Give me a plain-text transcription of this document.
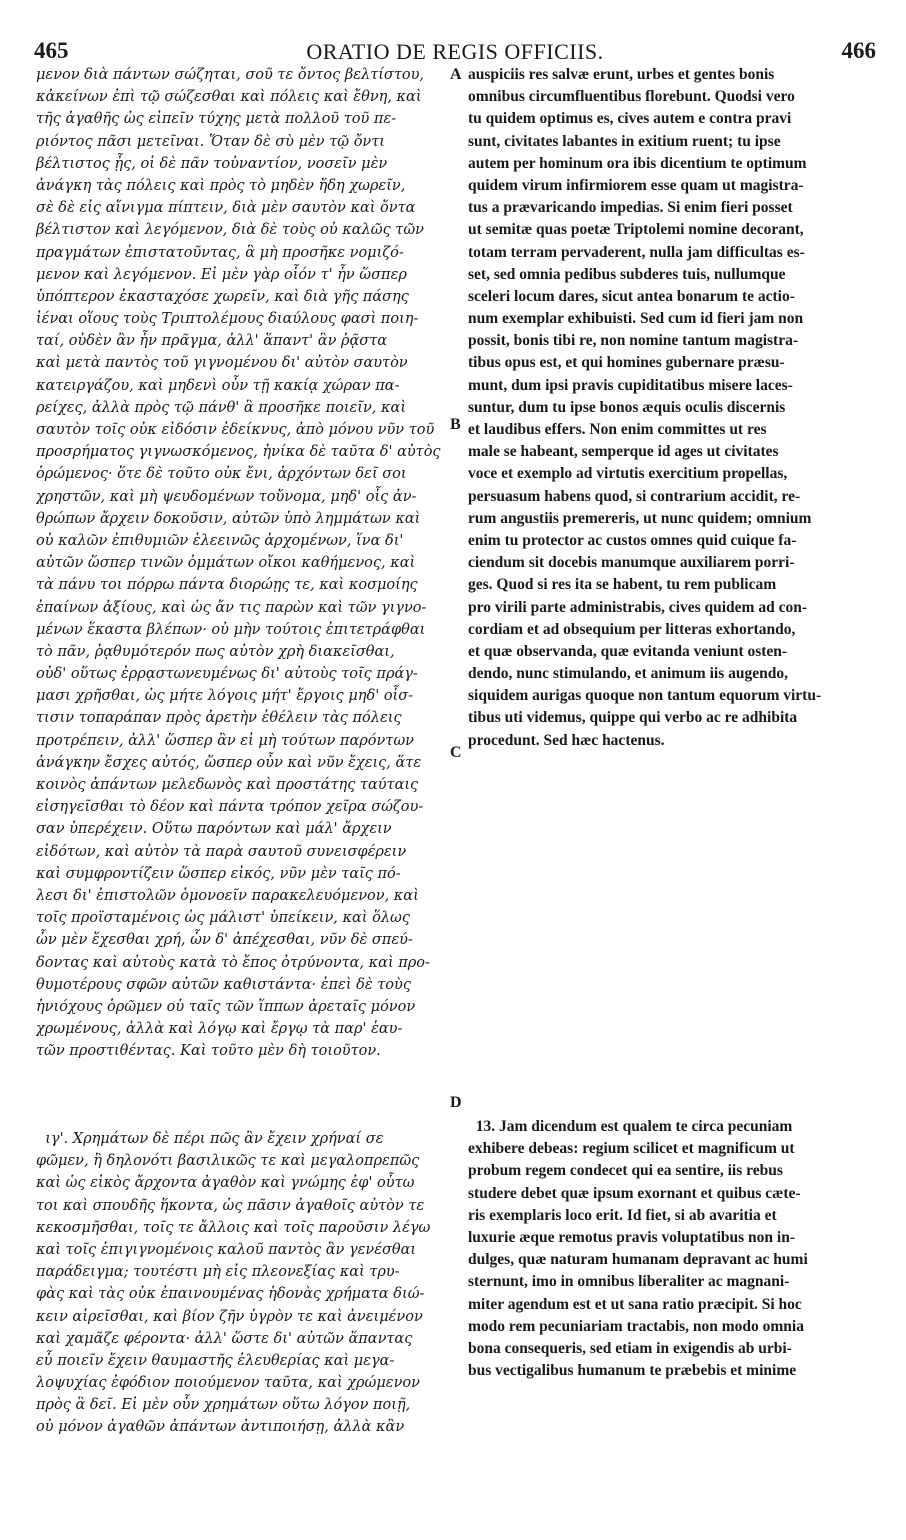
465	ORATIO DE REGIS OFFICIIS.	466
μενον διὰ πάντων σώζηται, σοῦ τε ὄντος βελτίστου,
κἀκείνων ἐπὶ τῷ σώζεσθαι καὶ πόλεις καὶ ἔθνη, καὶ
τῆς ἀγαθῆς ὡς εἰπεῖν τύχης μετὰ πολλοῦ τοῦ πε-
ριόντος πᾶσι μετεῖναι. Ὅταν δὲ σὺ μὲν τῷ ὄντι
βέλτιστος ᾖς, οἱ δὲ πᾶν τοὐναντίον, νοσεῖν μὲν
ἀνάγκη τὰς πόλεις καὶ πρὸς τὸ μηδὲν ἤδη χωρεῖν,
σὲ δὲ εἰς αἴνιγμα πίπτειν, διὰ μὲν σαυτὸν καὶ ὄντα
βέλτιστον καὶ λεγόμενον, διὰ δὲ τοὺς οὐ καλῶς τῶν
πραγμάτων ἐπιστατοῦντας, ἃ μὴ προσῆκε νομιζό-
μενον καὶ λεγόμενον. Εἰ μὲν γὰρ οἷόν τ' ἦν ὥσπερ
ὑπόπτερον ἑκασταχόσε χωρεῖν, καὶ διὰ γῆς πάσης
ἰέναι οἵους τοὺς Τριπτολέμους διαύλους φασὶ ποιη-
ταί, οὐδὲν ἂν ἦν πρᾶγμα, ἀλλ' ἅπαντ' ἂν ῥᾷστα
καὶ μετὰ παντὸς τοῦ γιγνομένου δι' αὐτὸν σαυτὸν
κατειργάζου, καὶ μηδενὶ οὖν τῇ κακίᾳ χώραν πα-
ρείχες, ἀλλὰ πρὸς τῷ πάνθ' ἃ προσῆκε ποιεῖν, καὶ
σαυτὸν τοῖς οὐκ εἰδόσιν ἐδείκνυς, ἀπὸ μόνου νῦν τοῦ
προσρήματος γιγνωσκόμενος, ἡνίκα δὲ ταῦτα δ' αὐτὸς
ὁρώμενος· ὅτε δὲ τοῦτο οὐκ ἔνι, ἀρχόντων δεῖ σοι
χρηστῶν, καὶ μὴ ψευδομένων τοὔνομα, μηδ' οἷς ἀν-
θρώπων ἄρχειν δοκοῦσιν, αὐτῶν ὑπὸ λημμάτων καὶ
οὐ καλῶν ἐπιθυμιῶν ἑλεεινῶς ἀρχομένων, ἵνα δι'
αὐτῶν ὥσπερ τινῶν ὀμμάτων οἴκοι καθήμενος, καὶ
τὰ πάνυ τοι πόρρω πάντα διορώῃς τε, καὶ κοσμοίης
ἐπαίνων ἀξίους, καὶ ὡς ἄν τις παρὼν καὶ τῶν γιγνο-
μένων ἕκαστα βλέπων· οὐ μὴν τούτοις ἐπιτετράφθαι
τὸ πᾶν, ῥᾳθυμότερόν πως αὐτὸν χρὴ διακεῖσθαι,
οὐδ' οὕτως ἐρρᾳστωνευμένως δι' αὐτοὺς τοῖς πράγ-
μασι χρῆσθαι, ὡς μήτε λόγοις μήτ' ἔργοις μηδ' οἷσ-
τισιν τοπαράπαν πρὸς ἀρετὴν ἐθέλειν τὰς πόλεις
προτρέπειν, ἀλλ' ὥσπερ ἂν εἰ μὴ τούτων παρόντων
ἀνάγκην ἔσχες αὐτός, ὥσπερ οὖν καὶ νῦν ἔχεις, ἅτε
κοινὸς ἁπάντων μελεδωνὸς καὶ προστάτης ταύταις
εἰσηγεῖσθαι τὸ δέον καὶ πάντα τρόπον χεῖρα σώζου-
σαν ὑπερέχειν. Οὕτω παρόντων καὶ μάλ' ἄρχειν
εἰδότων, καὶ αὐτὸν τὰ παρὰ σαυτοῦ συνεισφέρειν
καὶ συμφροντίζειν ὥσπερ εἰκός, νῦν μὲν ταῖς πό-
λεσι δι' ἐπιστολῶν ὁμονοεῖν παρακελευόμενον, καὶ
τοῖς προϊσταμένοις ὡς μάλιστ' ὑπείκειν, καὶ ὅλως
ὧν μὲν ἔχεσθαι χρή, ὧν δ' ἀπέχεσθαι, νῦν δὲ σπεύ-
δοντας καὶ αὐτοὺς κατὰ τὸ ἔπος ὀτρύνοντα, καὶ προ-
θυμοτέρους σφῶν αὐτῶν καθιστάντα· ἐπεὶ δὲ τοὺς
ἡνιόχους ὁρῶμεν οὐ ταῖς τῶν ἵππων ἀρεταῖς μόνον
χρωμένους, ἀλλὰ καὶ λόγῳ καὶ ἔργῳ τὰ παρ' ἑαυ-
τῶν προστιθέντας. Καὶ τοῦτο μὲν δὴ τοιοῦτον.
ιγ'. Χρημάτων δὲ πέρι πῶς ἂν ἔχειν χρήναί σε
φῶμεν, ἢ δηλονότι βασιλικῶς τε καὶ μεγαλοπρεπῶς
καὶ ὡς εἰκὸς ἄρχοντα ἀγαθὸν καὶ γνώμης ἐφ' οὗτω
τοι καὶ σπουδῆς ἥκοντα, ὡς πᾶσιν ἀγαθοῖς αὐτὸν τε
κεκοσμῆσθαι, τοῖς τε ἄλλοις καὶ τοῖς παροῦσιν λέγω
καὶ τοῖς ἐπιγιγνομένοις καλοῦ παντὸς ἂν γενέσθαι
παράδειγμα; τουτέστι μὴ εἰς πλεονεξίας καὶ τρυ-
φὰς καὶ τὰς οὐκ ἐπαινουμένας ἡδονὰς χρήματα διώ-
κειν αἱρεῖσθαι, καὶ βίον ζῆν ὑγρὸν τε καὶ ἀνειμένον
καὶ χαμᾶζε φέροντα· ἀλλ' ὥστε δι' αὐτῶν ἅπαντας
εὖ ποιεῖν ἔχειν θαυμαστῆς ἐλευθερίας καὶ μεγα-
λοψυχίας ἐφόδιον ποιούμενον ταῦτα, καὶ χρώμενον
πρὸς ἃ δεῖ. Εἰ μὲν οὖν χρημάτων οὕτω λόγον ποιῇ,
οὐ μόνον ἀγαθῶν ἁπάντων ἀντιποιήσῃ, ἀλλὰ κἂν
auspiciis res salvæ erunt, urbes et gentes bonis
omnibus circumfluentibus florebunt. Quodsi vero
tu quidem optimus es, cives autem e contra pravi
sunt, civitates labantes in exitium ruent; tu ipse
autem per hominum ora ibis dicentium te optimum
quidem virum infirmiorem esse quam ut magistra-
tus a prævaricando impedias. Si enim fieri posset
ut semitæ quas poetæ Triptolemi nomine decorant,
totam terram pervaderent, nulla jam difficultas es-
set, sed omnia pedibus subderes tuis, nullumque
sceleri locum dares, sicut antea bonarum te actio-
num exemplar exhibuisti. Sed cum id fieri jam non
possit, bonis tibi re, non nomine tantum magistra-
tibus opus est, et qui homines gubernare præsu-
munt, dum ipsi pravis cupiditatibus misere laces-
suntur, dum tu ipse bonos æquis oculis discernis
et laudibus effers. Non enim committes ut res
male se habeant, semperque id ages ut civitates
voce et exemplo ad virtutis exercitium propellas,
persuasum habens quod, si contrarium accidit, re-
rum angustiis premereris, ut nunc quidem; omnium
enim tu protector ac custos omnes quid cuique fa-
ciendum sit docebis manumque auxiliarem porri-
ges. Quod si res ita se habent, tu rem publicam
pro virili parte administrabis, cives quidem ad con-
cordiam et ad obsequium per litteras exhortando,
et quæ observanda, quæ evitanda veniunt osten-
dendo, nunc stimulando, et animum iis augendo,
siquidem aurigas quoque non tantum equorum virtu-
tibus uti videmus, quippe qui verbo ac re adhibita
procedunt. Sed hæc hactenus.
13. Jam dicendum est qualem te circa pecuniam
exhibere debeas: regium scilicet et magnificum ut
probum regem condecet qui ea sentire, iis rebus
studere debet quæ ipsum exornant et quibus cæte-
ris exemplaris loco erit. Id fiet, si ab avaritia et
luxurie æque remotus pravis voluptatibus non in-
dulges, quæ naturam humanam depravant ac humi
sternunt, imo in omnibus liberaliter ac magnani-
miter agendum est et ut sana ratio præcipit. Si hoc
modo rem pecuniariam tractabis, non modo omnia
bona consequeris, sed etiam in exigendis ab urbi-
bus vectigalibus humanum te præbebis et minime
A
B
C
D
